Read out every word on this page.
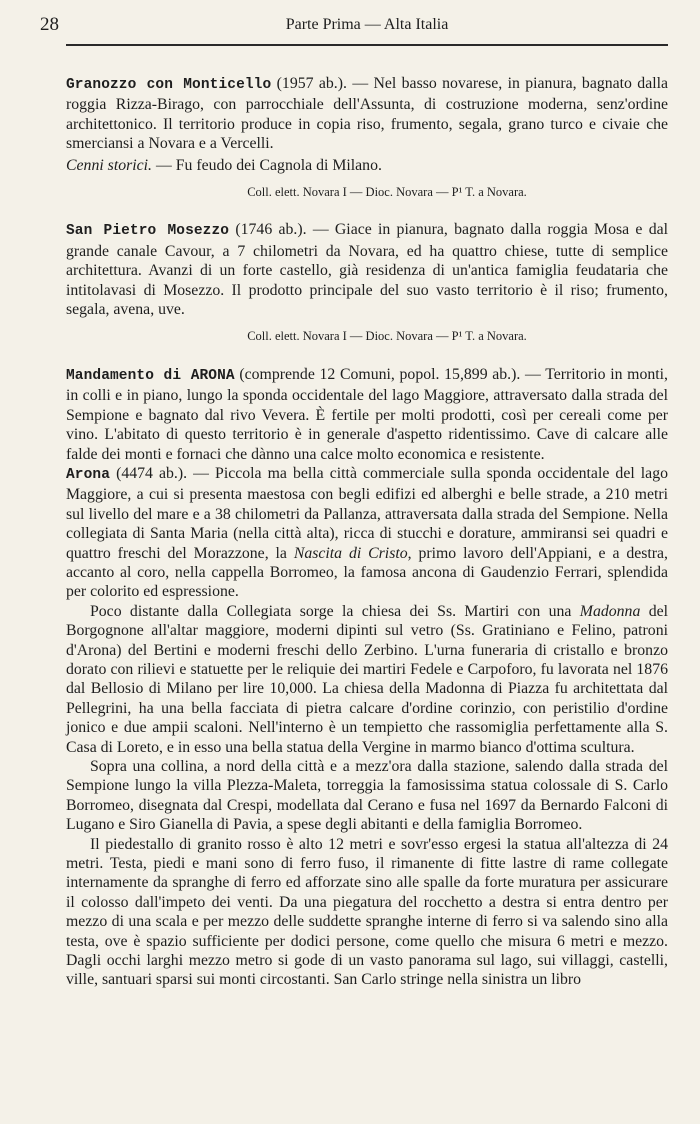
28	Parte Prima — Alta Italia

Granozzo con Monticello (1957 ab.). — Nel basso novarese, in pianura, bagnato dalla roggia Rizza-Birago, con parrocchiale dell'Assunta, di costruzione moderna, senz'ordine architettonico. Il territorio produce in copia riso, frumento, segala, grano turco e civaie che smerciansi a Novara e a Vercelli.

Cenni storici. — Fu feudo dei Cagnola di Milano.

Coll. elett. Novara I — Dioc. Novara — P¹ T. a Novara.

San Pietro Mosezzo (1746 ab.). — Giace in pianura, bagnato dalla roggia Mosa e dal grande canale Cavour, a 7 chilometri da Novara, ed ha quattro chiese, tutte di semplice architettura. Avanzi di un forte castello, già residenza di un'antica famiglia feudataria che intitolavasi di Mosezzo. Il prodotto principale del suo vasto territorio è il riso; frumento, segala, avena, uve.

Coll. elett. Novara I — Dioc. Novara — P¹ T. a Novara.

Mandamento di ARONA (comprende 12 Comuni, popol. 15,899 ab.). — Territorio in monti, in colli e in piano, lungo la sponda occidentale del lago Maggiore, attraversato dalla strada del Sempione e bagnato dal rivo Vevera. È fertile per molti prodotti, così per cereali come per vino. L'abitato di questo territorio è in generale d'aspetto ridentissimo. Cave di calcare alle falde dei monti e fornaci che dànno una calce molto economica e resistente.

Arona (4474 ab.). — Piccola ma bella città commerciale sulla sponda occidentale del lago Maggiore, a cui si presenta maestosa con begli edifizi ed alberghi e belle strade, a 210 metri sul livello del mare e a 38 chilometri da Pallanza, attraversata dalla strada del Sempione. Nella collegiata di Santa Maria (nella città alta), ricca di stucchi e dorature, ammiransi sei quadri e quattro freschi del Morazzone, la Nascita di Cristo, primo lavoro dell'Appiani, e a destra, accanto al coro, nella cappella Borromeo, la famosa ancona di Gaudenzio Ferrari, splendida per colorito ed espressione.

Poco distante dalla Collegiata sorge la chiesa dei Ss. Martiri con una Madonna del Borgognone all'altar maggiore, moderni dipinti sul vetro (Ss. Gratiniano e Felino, patroni d'Arona) del Bertini e moderni freschi dello Zerbino. L'urna funeraria di cristallo e bronzo dorato con rilievi e statuette per le reliquie dei martiri Fedele e Carpoforo, fu lavorata nel 1876 dal Bellosio di Milano per lire 10,000. La chiesa della Madonna di Piazza fu architettata dal Pellegrini, ha una bella facciata di pietra calcare d'ordine corinzio, con peristilio d'ordine jonico e due ampii scaloni. Nell'interno è un tempietto che rassomiglia perfettamente alla S. Casa di Loreto, e in esso una bella statua della Vergine in marmo bianco d'ottima scultura.

Sopra una collina, a nord della città e a mezz'ora dalla stazione, salendo dalla strada del Sempione lungo la villa Plezza-Maleta, torreggia la famosissima statua colossale di S. Carlo Borromeo, disegnata dal Crespi, modellata dal Cerano e fusa nel 1697 da Bernardo Falconi di Lugano e Siro Gianella di Pavia, a spese degli abitanti e della famiglia Borromeo.

Il piedestallo di granito rosso è alto 12 metri e sovr'esso ergesi la statua all'altezza di 24 metri. Testa, piedi e mani sono di ferro fuso, il rimanente di fitte lastre di rame collegate internamente da spranghe di ferro ed afforzate sino alle spalle da forte muratura per assicurare il colosso dall'impeto dei venti. Da una piegatura del rocchetto a destra si entra dentro per mezzo di una scala e per mezzo delle suddette spranghe interne di ferro si va salendo sino alla testa, ove è spazio sufficiente per dodici persone, come quello che misura 6 metri e mezzo. Dagli occhi larghi mezzo metro si gode di un vasto panorama sul lago, sui villaggi, castelli, ville, santuari sparsi sui monti circostanti. San Carlo stringe nella sinistra un libro
